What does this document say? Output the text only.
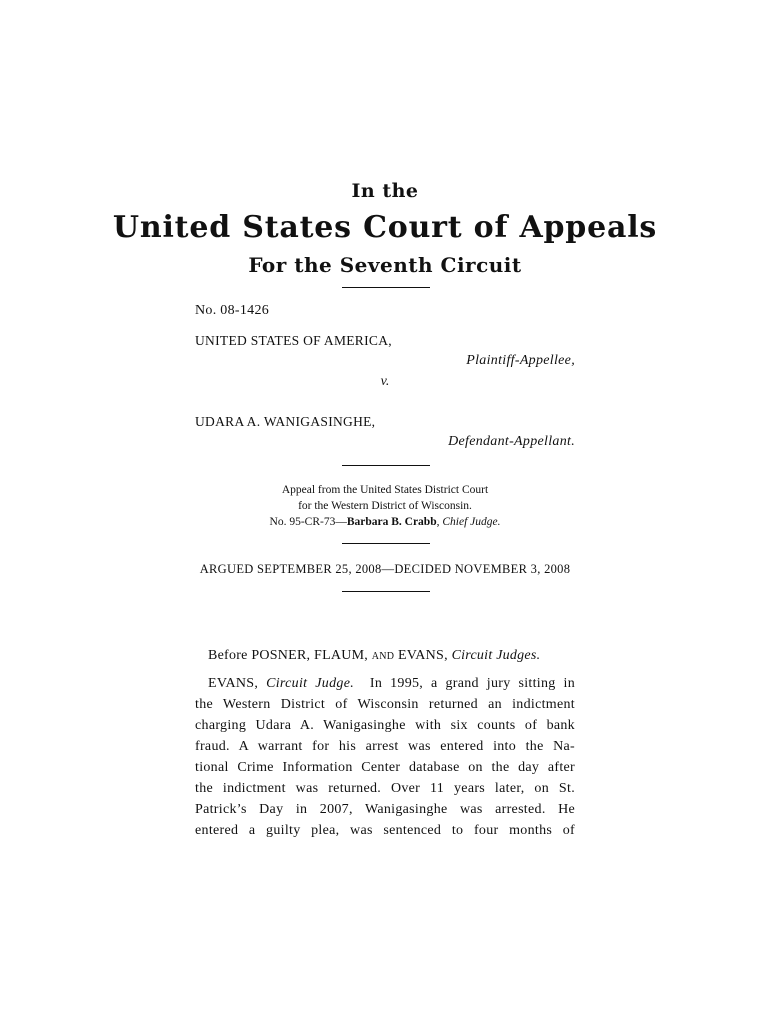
In the
United States Court of Appeals
For the Seventh Circuit
No. 08-1426
UNITED STATES OF AMERICA,
Plaintiff-Appellee,
v.
UDARA A. WANIGASINGHE,
Defendant-Appellant.
Appeal from the United States District Court
for the Western District of Wisconsin.
No. 95-CR-73—Barbara B. Crabb, Chief Judge.
ARGUED SEPTEMBER 25, 2008—DECIDED NOVEMBER 3, 2008
Before POSNER, FLAUM, and EVANS, Circuit Judges.
EVANS, Circuit Judge. In 1995, a grand jury sitting in
the Western District of Wisconsin returned an indictment
charging Udara A. Wanigasinghe with six counts of bank
fraud. A warrant for his arrest was entered into the Na-
tional Crime Information Center database on the day after
the indictment was returned. Over 11 years later, on St.
Patrick’s Day in 2007, Wanigasinghe was arrested. He
entered a guilty plea, was sentenced to four months of
